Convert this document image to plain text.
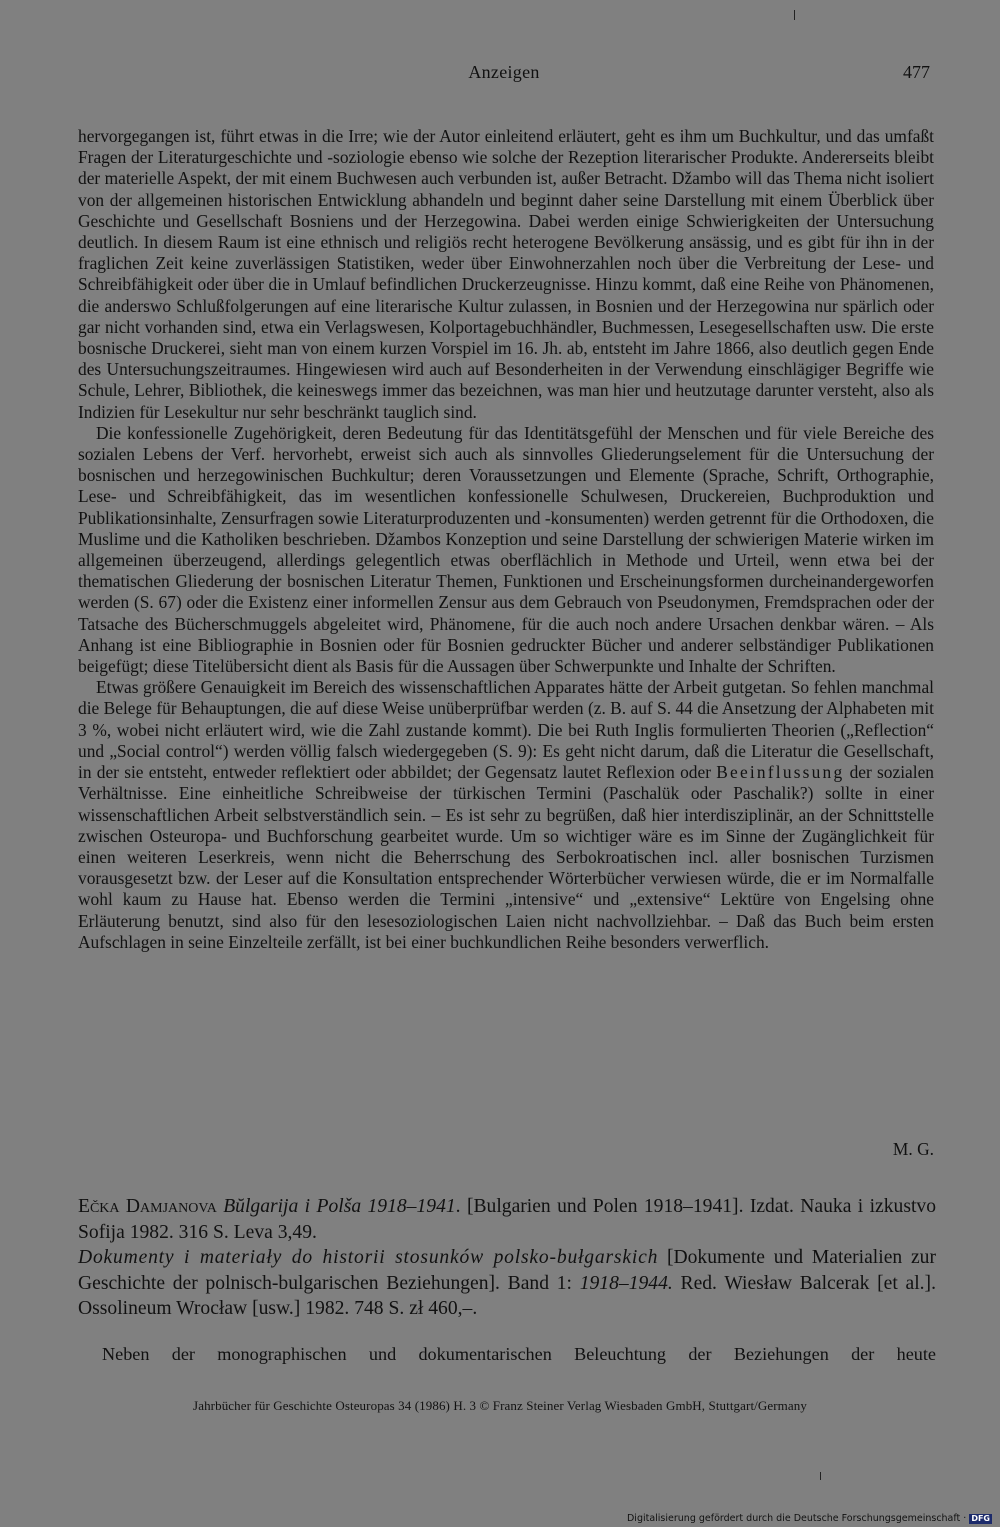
Anzeigen	477

hervorgegangen ist, führt etwas in die Irre; wie der Autor einleitend erläutert, geht es ihm um Buchkultur, und das umfaßt Fragen der Literaturgeschichte und -soziologie ebenso wie solche der Rezeption literarischer Produkte. Andererseits bleibt der materielle Aspekt, der mit einem Buchwesen auch verbunden ist, außer Betracht. Džambo will das Thema nicht isoliert von der allgemeinen historischen Entwicklung abhandeln und beginnt daher seine Darstellung mit einem Überblick über Geschichte und Gesellschaft Bosniens und der Herzegowina. Dabei werden einige Schwierigkeiten der Untersuchung deutlich. In diesem Raum ist eine ethnisch und religiös recht heterogene Bevölkerung ansässig, und es gibt für ihn in der fraglichen Zeit keine zuverlässigen Statistiken, weder über Einwohnerzahlen noch über die Verbreitung der Lese- und Schreibfähigkeit oder über die in Umlauf befindlichen Druckerzeugnisse. Hinzu kommt, daß eine Reihe von Phänomenen, die anderswo Schlußfolgerungen auf eine literarische Kultur zulassen, in Bosnien und der Herzegowina nur spärlich oder gar nicht vorhanden sind, etwa ein Verlagswesen, Kolportagebuchhändler, Buchmessen, Lesegesellschaften usw. Die erste bosnische Druckerei, sieht man von einem kurzen Vorspiel im 16. Jh. ab, entsteht im Jahre 1866, also deutlich gegen Ende des Untersuchungszeitraumes. Hingewiesen wird auch auf Besonderheiten in der Verwendung einschlägiger Begriffe wie Schule, Lehrer, Bibliothek, die keineswegs immer das bezeichnen, was man hier und heutzutage darunter versteht, also als Indizien für Lesekultur nur sehr beschränkt tauglich sind.

Die konfessionelle Zugehörigkeit, deren Bedeutung für das Identitätsgefühl der Menschen und für viele Bereiche des sozialen Lebens der Verf. hervorhebt, erweist sich auch als sinnvolles Gliederungselement für die Untersuchung der bosnischen und herzegowinischen Buchkultur; deren Voraussetzungen und Elemente (Sprache, Schrift, Orthographie, Lese- und Schreibfähigkeit, das im wesentlichen konfessionelle Schulwesen, Druckereien, Buchproduktion und Publikationsinhalte, Zensurfragen sowie Literaturproduzenten und -konsumenten) werden getrennt für die Orthodoxen, die Muslime und die Katholiken beschrieben. Džambos Konzeption und seine Darstellung der schwierigen Materie wirken im allgemeinen überzeugend, allerdings gelegentlich etwas oberflächlich in Methode und Urteil, wenn etwa bei der thematischen Gliederung der bosnischen Literatur Themen, Funktionen und Erscheinungsformen durcheinandergeworfen werden (S. 67) oder die Existenz einer informellen Zensur aus dem Gebrauch von Pseudonymen, Fremdsprachen oder der Tatsache des Bücherschmuggels abgeleitet wird, Phänomene, für die auch noch andere Ursachen denkbar wären. – Als Anhang ist eine Bibliographie in Bosnien oder für Bosnien gedruckter Bücher und anderer selbständiger Publikationen beigefügt; diese Titelübersicht dient als Basis für die Aussagen über Schwerpunkte und Inhalte der Schriften.

Etwas größere Genauigkeit im Bereich des wissenschaftlichen Apparates hätte der Arbeit gutgetan. So fehlen manchmal die Belege für Behauptungen, die auf diese Weise unüberprüfbar werden (z. B. auf S. 44 die Ansetzung der Alphabeten mit 3 %, wobei nicht erläutert wird, wie die Zahl zustande kommt). Die bei Ruth Inglis formulierten Theorien („Reflection“ und „Social control“) werden völlig falsch wiedergegeben (S. 9): Es geht nicht darum, daß die Literatur die Gesellschaft, in der sie entsteht, entweder reflektiert oder abbildet; der Gegensatz lautet Reflexion oder Beeinflussung der sozialen Verhältnisse. Eine einheitliche Schreibweise der türkischen Termini (Paschalük oder Paschalik?) sollte in einer wissenschaftlichen Arbeit selbstverständlich sein. – Es ist sehr zu begrüßen, daß hier interdisziplinär, an der Schnittstelle zwischen Osteuropa- und Buchforschung gearbeitet wurde. Um so wichtiger wäre es im Sinne der Zugänglichkeit für einen weiteren Leserkreis, wenn nicht die Beherrschung des Serbokroatischen incl. aller bosnischen Turzismen vorausgesetzt bzw. der Leser auf die Konsultation entsprechender Wörterbücher verwiesen würde, die er im Normalfalle wohl kaum zu Hause hat. Ebenso werden die Termini „intensive“ und „extensive“ Lektüre von Engelsing ohne Erläuterung benutzt, sind also für den lesesoziologischen Laien nicht nachvollziehbar. – Daß das Buch beim ersten Aufschlagen in seine Einzelteile zerfällt, ist bei einer buchkundlichen Reihe besonders verwerflich.

M. G.

Ečka Damjanova Bŭlgarija i Polša 1918–1941. [Bulgarien und Polen 1918–1941]. Izdat. Nauka i izkustvo Sofija 1982. 316 S. Leva 3,49.
Dokumenty i materiały do historii stosunków polsko-bułgarskich [Dokumente und Materialien zur Geschichte der polnisch-bulgarischen Beziehungen]. Band 1: 1918–1944. Red. Wiesław Balcerak [et al.]. Ossolineum Wrocław [usw.] 1982. 748 S. zł 460,–.

Neben der monographischen und dokumentarischen Beleuchtung der Beziehungen der heute
Jahrbücher für Geschichte Osteuropas 34 (1986) H. 3 © Franz Steiner Verlag Wiesbaden GmbH, Stuttgart/Germany
Digitalisierung gefördert durch die Deutsche Forschungsgemeinschaft · DFG
